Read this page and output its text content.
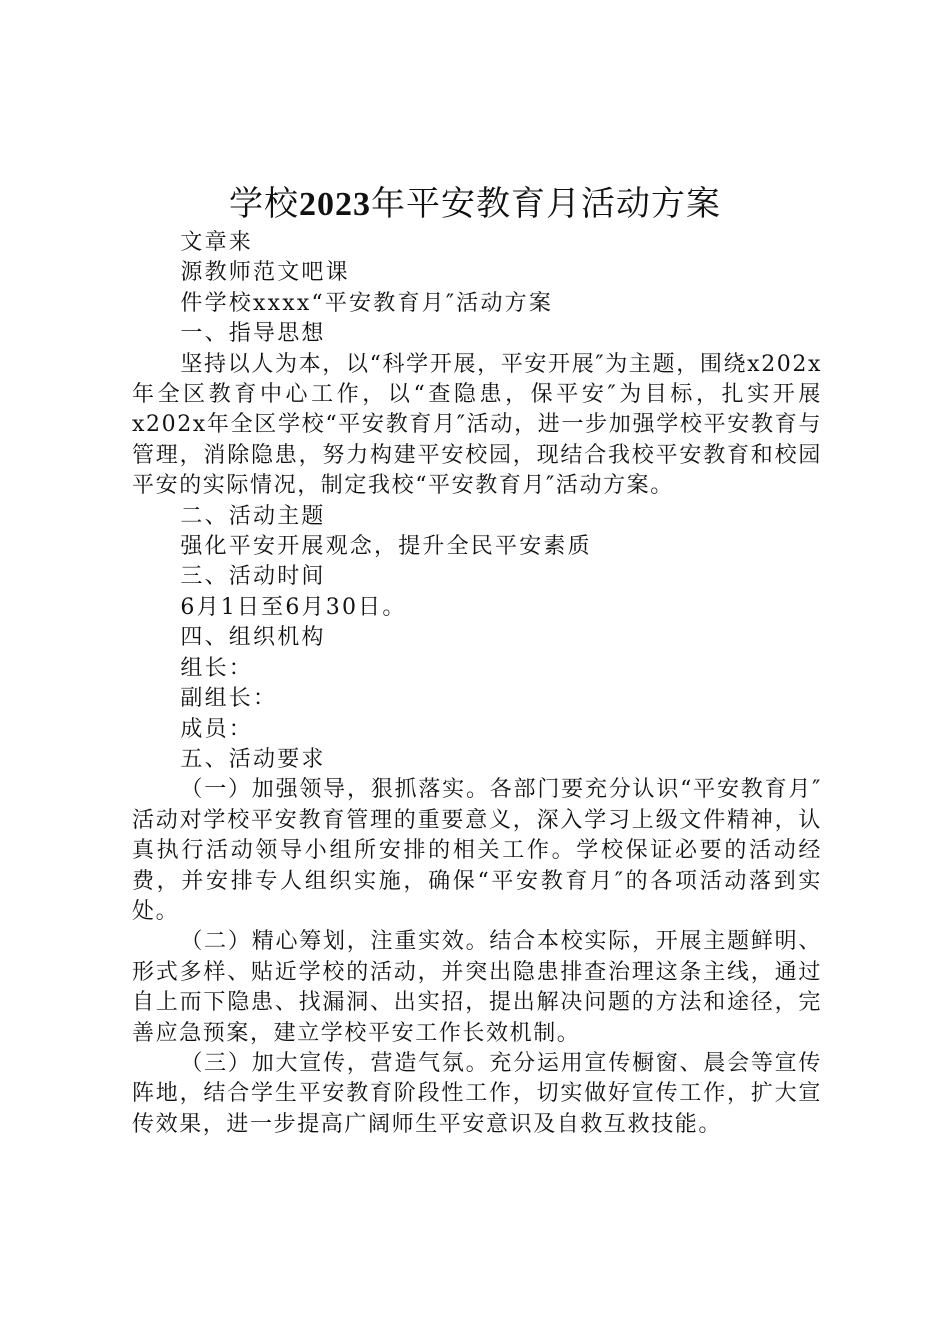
学校2023年平安教育月活动方案

文章来

源教师范文吧课

件学校xxxx“平安教育月″活动方案

一、指导思想

坚持以人为本，以“科学开展，平安开展″为主题，围绕x202x年全区教育中心工作，以“查隐患，保平安″为目标，扎实开展x202x年全区学校“平安教育月″活动，进一步加强学校平安教育与管理，消除隐患，努力构建平安校园，现结合我校平安教育和校园平安的实际情况，制定我校“平安教育月″活动方案。

二、活动主题

强化平安开展观念，提升全民平安素质

三、活动时间

6月1日至6月30日。

四、组织机构

组长：

副组长：

成员：

五、活动要求

（一）加强领导，狠抓落实。各部门要充分认识“平安教育月″活动对学校平安教育管理的重要意义，深入学习上级文件精神，认真执行活动领导小组所安排的相关工作。学校保证必要的活动经费，并安排专人组织实施，确保“平安教育月″的各项活动落到实处。

（二）精心筹划，注重实效。结合本校实际，开展主题鲜明、形式多样、贴近学校的活动，并突出隐患排查治理这条主线，通过自上而下隐患、找漏洞、出实招，提出解决问题的方法和途径，完善应急预案，建立学校平安工作长效机制。

（三）加大宣传，营造气氛。充分运用宣传橱窗、晨会等宣传阵地，结合学生平安教育阶段性工作，切实做好宣传工作，扩大宣传效果，进一步提高广阔师生平安意识及自救互救技能。
